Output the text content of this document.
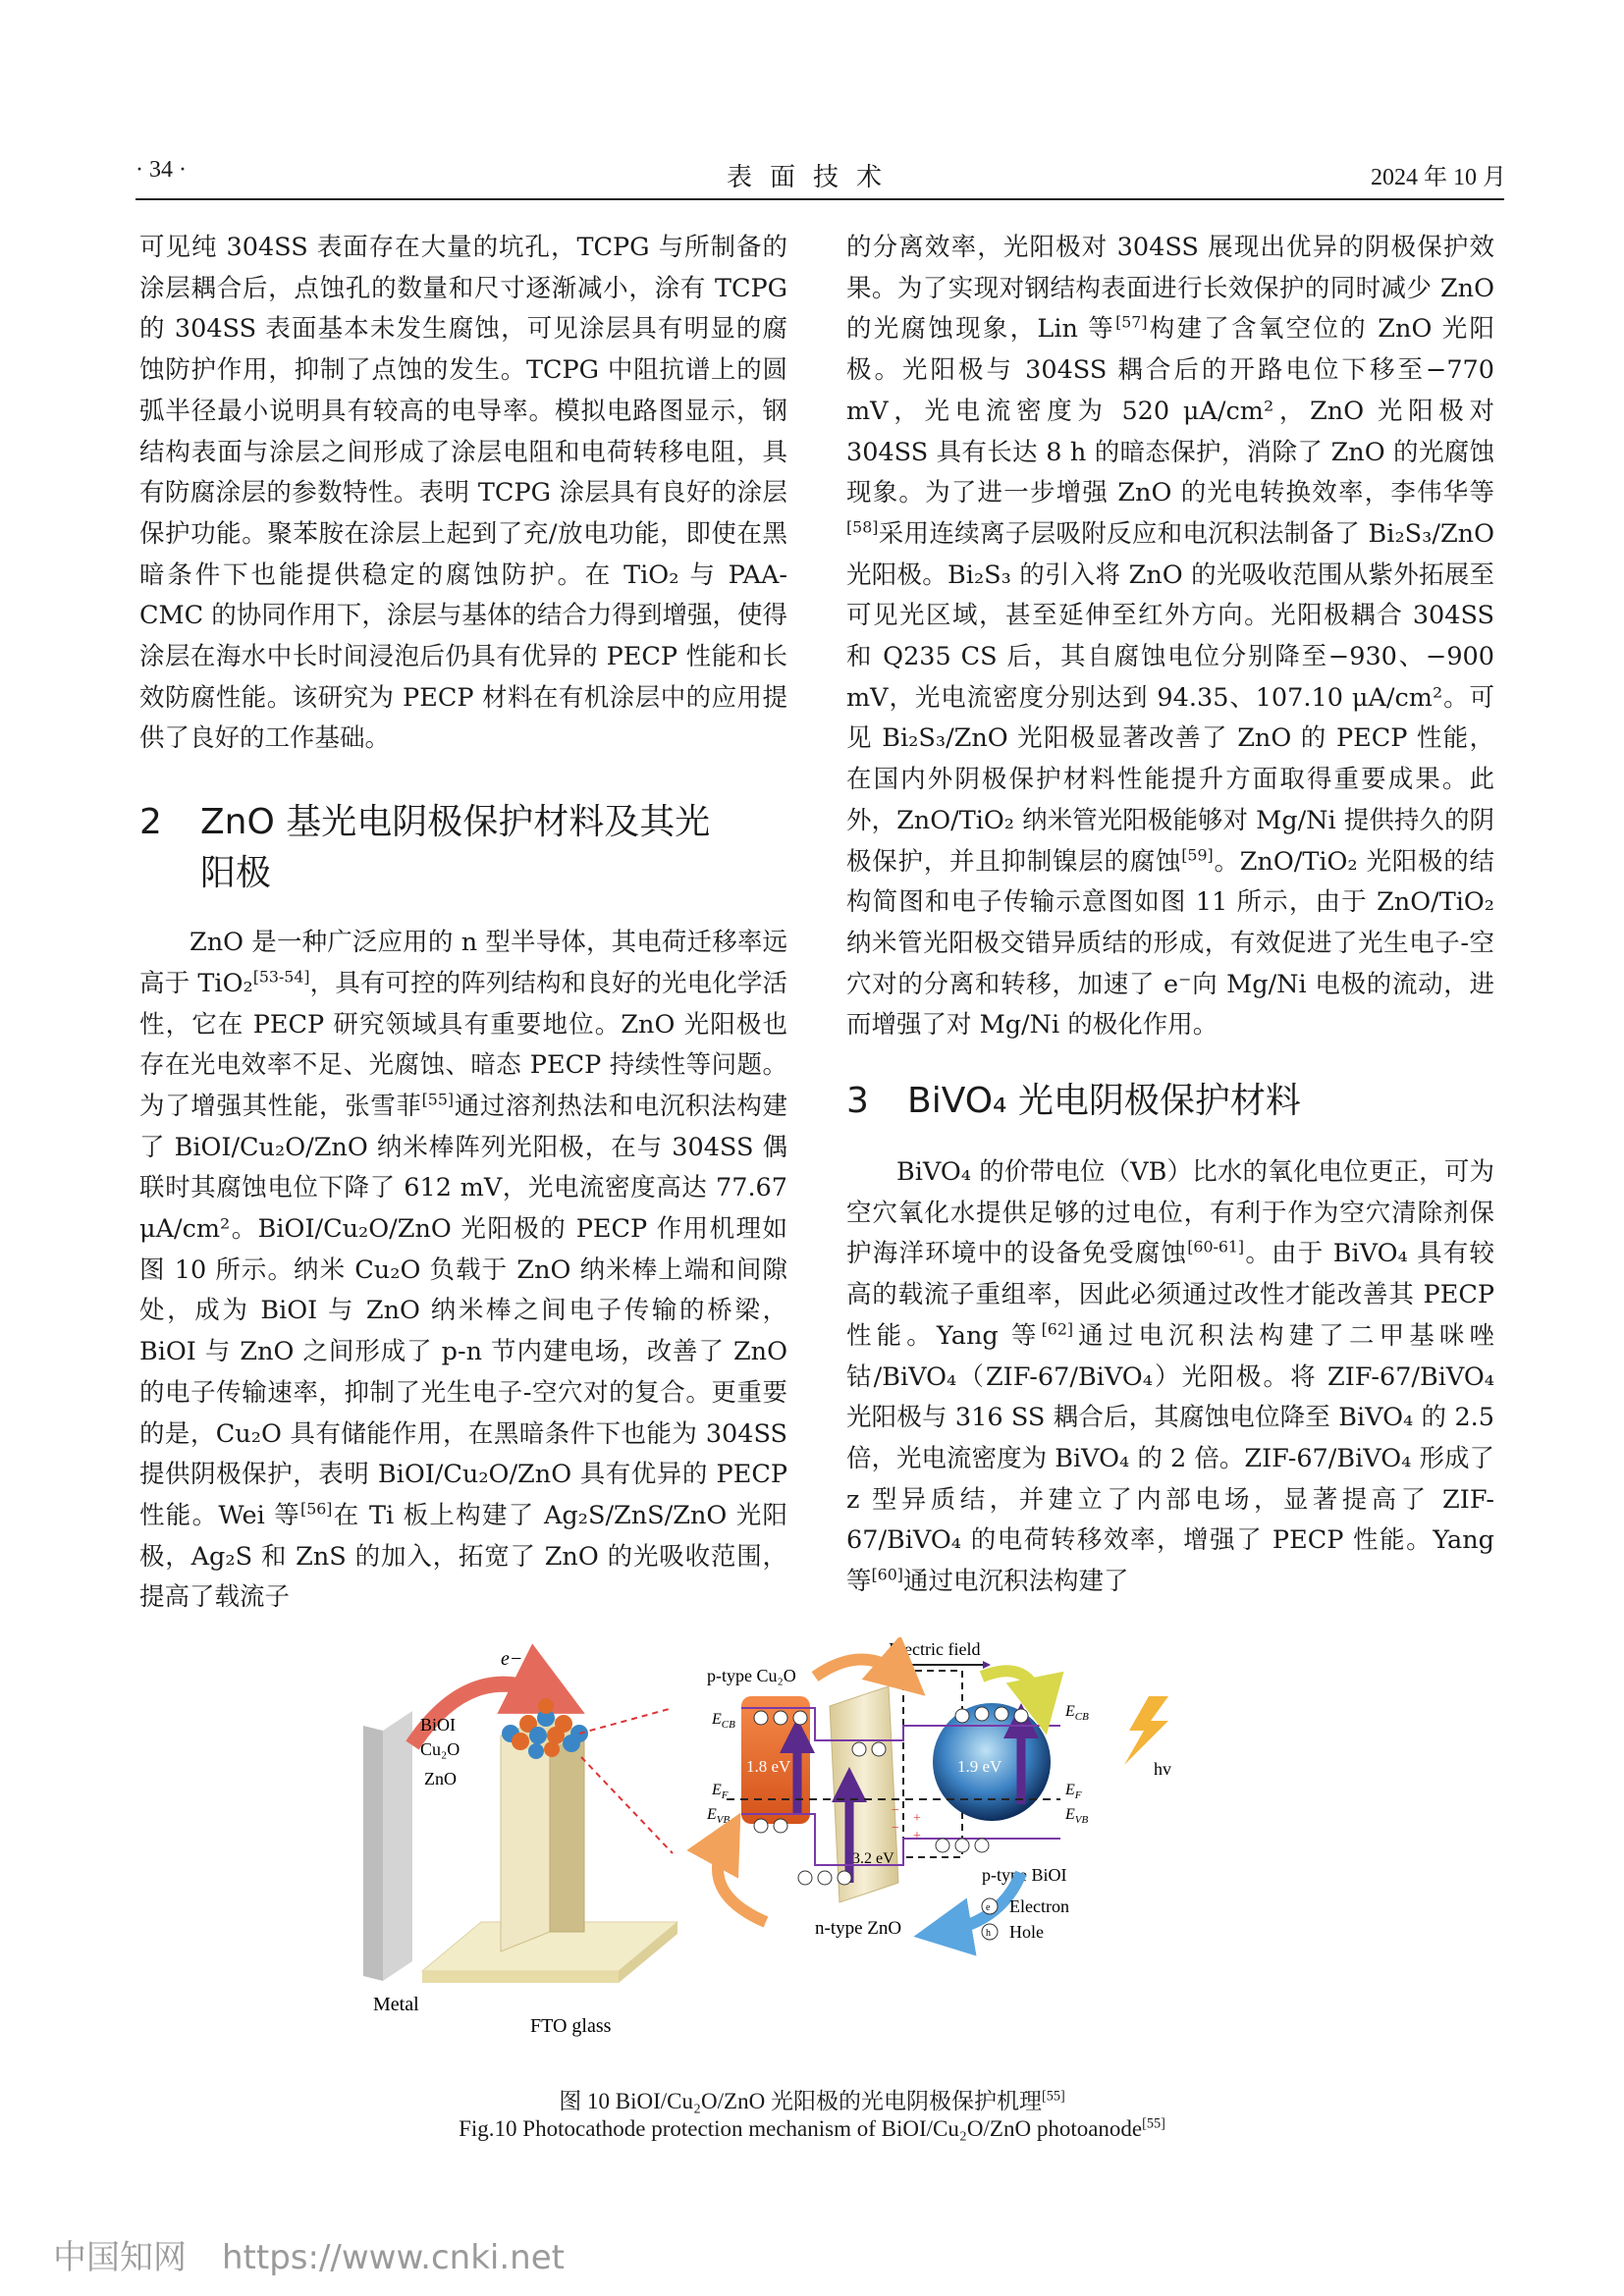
· 34 ·	表面技术	2024 年 10 月

可见纯 304SS 表面存在大量的坑孔，TCPG 与所制备的涂层耦合后，点蚀孔的数量和尺寸逐渐减小，涂有 TCPG 的 304SS 表面基本未发生腐蚀，可见涂层具有明显的腐蚀防护作用，抑制了点蚀的发生。TCPG 中阻抗谱上的圆弧半径最小说明具有较高的电导率。模拟电路图显示，钢结构表面与涂层之间形成了涂层电阻和电荷转移电阻，具有防腐涂层的参数特性。表明 TCPG 涂层具有良好的涂层保护功能。聚苯胺在涂层上起到了充/放电功能，即使在黑暗条件下也能提供稳定的腐蚀防护。在 TiO₂ 与 PAA-CMC 的协同作用下，涂层与基体的结合力得到增强，使得涂层在海水中长时间浸泡后仍具有优异的 PECP 性能和长效防腐性能。该研究为 PECP 材料在有机涂层中的应用提供了良好的工作基础。

2 ZnO 基光电阴极保护材料及其光
阳极

ZnO 是一种广泛应用的 n 型半导体，其电荷迁移率远高于 TiO₂[53-54]，具有可控的阵列结构和良好的光电化学活性，它在 PECP 研究领域具有重要地位。ZnO 光阳极也存在光电效率不足、光腐蚀、暗态 PECP 持续性等问题。为了增强其性能，张雪菲[55]通过溶剂热法和电沉积法构建了 BiOI/Cu₂O/ZnO 纳米棒阵列光阳极，在与 304SS 偶联时其腐蚀电位下降了 612 mV，光电流密度高达 77.67 μA/cm²。BiOI/Cu₂O/ZnO 光阳极的 PECP 作用机理如图 10 所示。纳米 Cu₂O 负载于 ZnO 纳米棒上端和间隙处，成为 BiOI 与 ZnO 纳米棒之间电子传输的桥梁，BiOI 与 ZnO 之间形成了 p-n 节内建电场，改善了 ZnO 的电子传输速率，抑制了光生电子-空穴对的复合。更重要的是，Cu₂O 具有储能作用，在黑暗条件下也能为 304SS 提供阴极保护，表明 BiOI/Cu₂O/ZnO 具有优异的 PECP 性能。Wei 等[56]在 Ti 板上构建了 Ag₂S/ZnS/ZnO 光阳极，Ag₂S 和 ZnS 的加入，拓宽了 ZnO 的光吸收范围，提高了载流子

的分离效率，光阳极对 304SS 展现出优异的阴极保护效果。为了实现对钢结构表面进行长效保护的同时减少 ZnO 的光腐蚀现象，Lin 等[57]构建了含氧空位的 ZnO 光阳极。光阳极与 304SS 耦合后的开路电位下移至−770 mV，光电流密度为 520 μA/cm²，ZnO 光阳极对 304SS 具有长达 8 h 的暗态保护，消除了 ZnO 的光腐蚀现象。为了进一步增强 ZnO 的光电转换效率，李伟华等[58]采用连续离子层吸附反应和电沉积法制备了 Bi₂S₃/ZnO 光阳极。Bi₂S₃ 的引入将 ZnO 的光吸收范围从紫外拓展至可见光区域，甚至延伸至红外方向。光阳极耦合 304SS 和 Q235 CS 后，其自腐蚀电位分别降至−930、−900 mV，光电流密度分别达到 94.35、107.10 μA/cm²。可见 Bi₂S₃/ZnO 光阳极显著改善了 ZnO 的 PECP 性能，在国内外阴极保护材料性能提升方面取得重要成果。此外，ZnO/TiO₂ 纳米管光阳极能够对 Mg/Ni 提供持久的阴极保护，并且抑制镍层的腐蚀[59]。ZnO/TiO₂ 光阳极的结构简图和电子传输示意图如图 11 所示，由于 ZnO/TiO₂ 纳米管光阳极交错异质结的形成，有效促进了光生电子-空穴对的分离和转移，加速了 e⁻向 Mg/Ni 电极的流动，进而增强了对 Mg/Ni 的极化作用。

3 BiVO₄ 光电阴极保护材料

BiVO₄ 的价带电位（VB）比水的氧化电位更正，可为空穴氧化水提供足够的过电位，有利于作为空穴清除剂保护海洋环境中的设备免受腐蚀[60-61]。由于 BiVO₄ 具有较高的载流子重组率，因此必须通过改性才能改善其 PECP 性能。Yang 等[62]通过电沉积法构建了二甲基咪唑钴/BiVO₄（ZIF-67/BiVO₄）光阳极。将 ZIF-67/BiVO₄ 光阳极与 316 SS 耦合后，其腐蚀电位降至 BiVO₄ 的 2.5 倍，光电流密度为 BiVO₄ 的 2 倍。ZIF-67/BiVO₄ 形成了 z 型异质结，并建立了内部电场，显著提高了 ZIF-67/BiVO₄ 的电荷转移效率，增强了 PECP 性能。Yang 等[60]通过电沉积法构建了

Metal
e−
FTO glass
BiOI
Cu₂O
ZnO
Electric field
p-type Cu₂O
1.8 eV
3.2 eV
n-type ZnO
1.9 eV
p-type BiOI
$E_{CB}$
$E_F$
$E_{VB}$
$E_{CB}$
$E_F$
$E_{VB}$
−
−
+
+
hv
e Electron
h Hole
图 10 BiOI/Cu₂O/ZnO 光阳极的光电阴极保护机理[55]
Fig.10 Photocathode protection mechanism of BiOI/Cu₂O/ZnO photoanode[55]
中国知网 https://www.cnki.net
